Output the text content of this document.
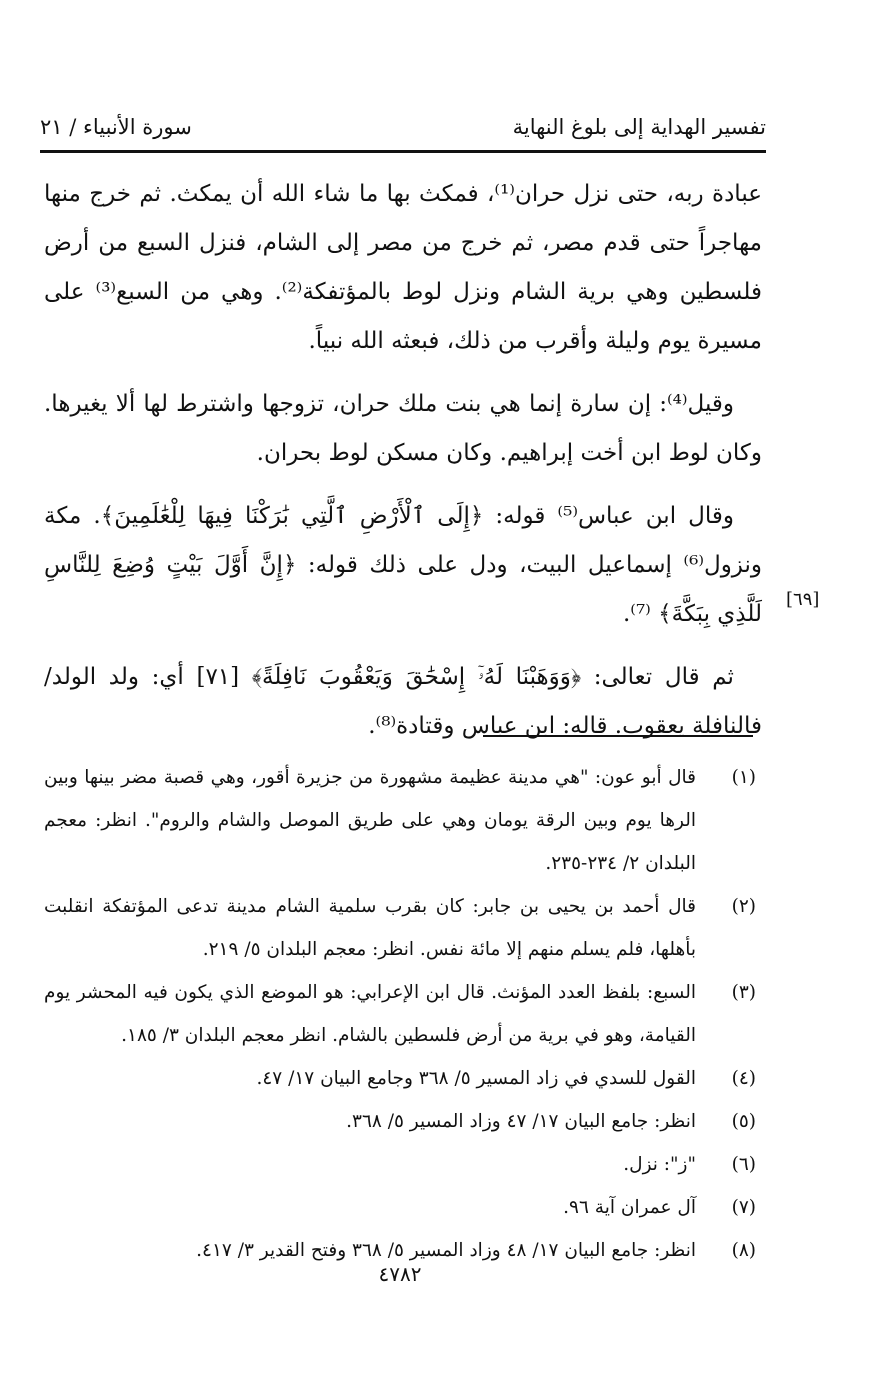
تفسير الهداية إلى بلوغ النهاية
سورة الأنبياء / ٢١

عبادة ربه، حتى نزل حران⁽¹⁾، فمكث بها ما شاء الله أن يمكث. ثم خرج منها مهاجراً حتى قدم مصر، ثم خرج من مصر إلى الشام، فنزل السبع من أرض فلسطين وهي برية الشام ونزل لوط بالمؤتفكة⁽²⁾. وهي من السبع⁽³⁾ على مسيرة يوم وليلة وأقرب من ذلك، فبعثه الله نبياً.

وقيل⁽⁴⁾: إن سارة إنما هي بنت ملك حران، تزوجها واشترط لها ألا يغيرها. وكان لوط ابن أخت إبراهيم. وكان مسكن لوط بحران.

وقال ابن عباس⁽⁵⁾ قوله: ﴿إِلَى ٱلْأَرْضِ ٱلَّتِي بَٰرَكْنَا فِيهَا لِلْعَٰلَمِينَ﴾. مكة ونزول⁽⁶⁾ إسماعيل البيت، ودل على ذلك قوله: ﴿إِنَّ أَوَّلَ بَيْتٍ وُضِعَ لِلنَّاسِ لَلَّذِي بِبَكَّةَ﴾ ⁽⁷⁾.

ثم قال تعالى: ﴿وَوَهَبْنَا لَهُۥٓ إِسْحَٰقَ وَيَعْقُوبَ نَافِلَةً﴾ [٧١] أي: ولد الولد/ فالنافلة يعقوب. قاله: ابن عباس وقتادة⁽⁸⁾.

[٦٩]
(١)
قال أبو عون: "هي مدينة عظيمة مشهورة من جزيرة أقور، وهي قصبة مضر بينها وبين الرها يوم وبين الرقة يومان وهي على طريق الموصل والشام والروم". انظر: معجم البلدان ٢/ ٢٣٤-٢٣٥.
(٢)
قال أحمد بن يحيى بن جابر: كان بقرب سلمية الشام مدينة تدعى المؤتفكة انقلبت بأهلها، فلم يسلم منهم إلا مائة نفس. انظر: معجم البلدان ٥/ ٢١٩.
(٣)
السبع: بلفظ العدد المؤنث. قال ابن الإعرابي: هو الموضع الذي يكون فيه المحشر يوم القيامة، وهو في برية من أرض فلسطين بالشام. انظر معجم البلدان ٣/ ١٨٥.
(٤)
القول للسدي في زاد المسير ٥/ ٣٦٨ وجامع البيان ١٧/ ٤٧.
(٥)
انظر: جامع البيان ١٧/ ٤٧ وزاد المسير ٥/ ٣٦٨.
(٦)
"ز": نزل.
(٧)
آل عمران آية ٩٦.
(٨)
انظر: جامع البيان ١٧/ ٤٨ وزاد المسير ٥/ ٣٦٨ وفتح القدير ٣/ ٤١٧.
٤٧٨٢
